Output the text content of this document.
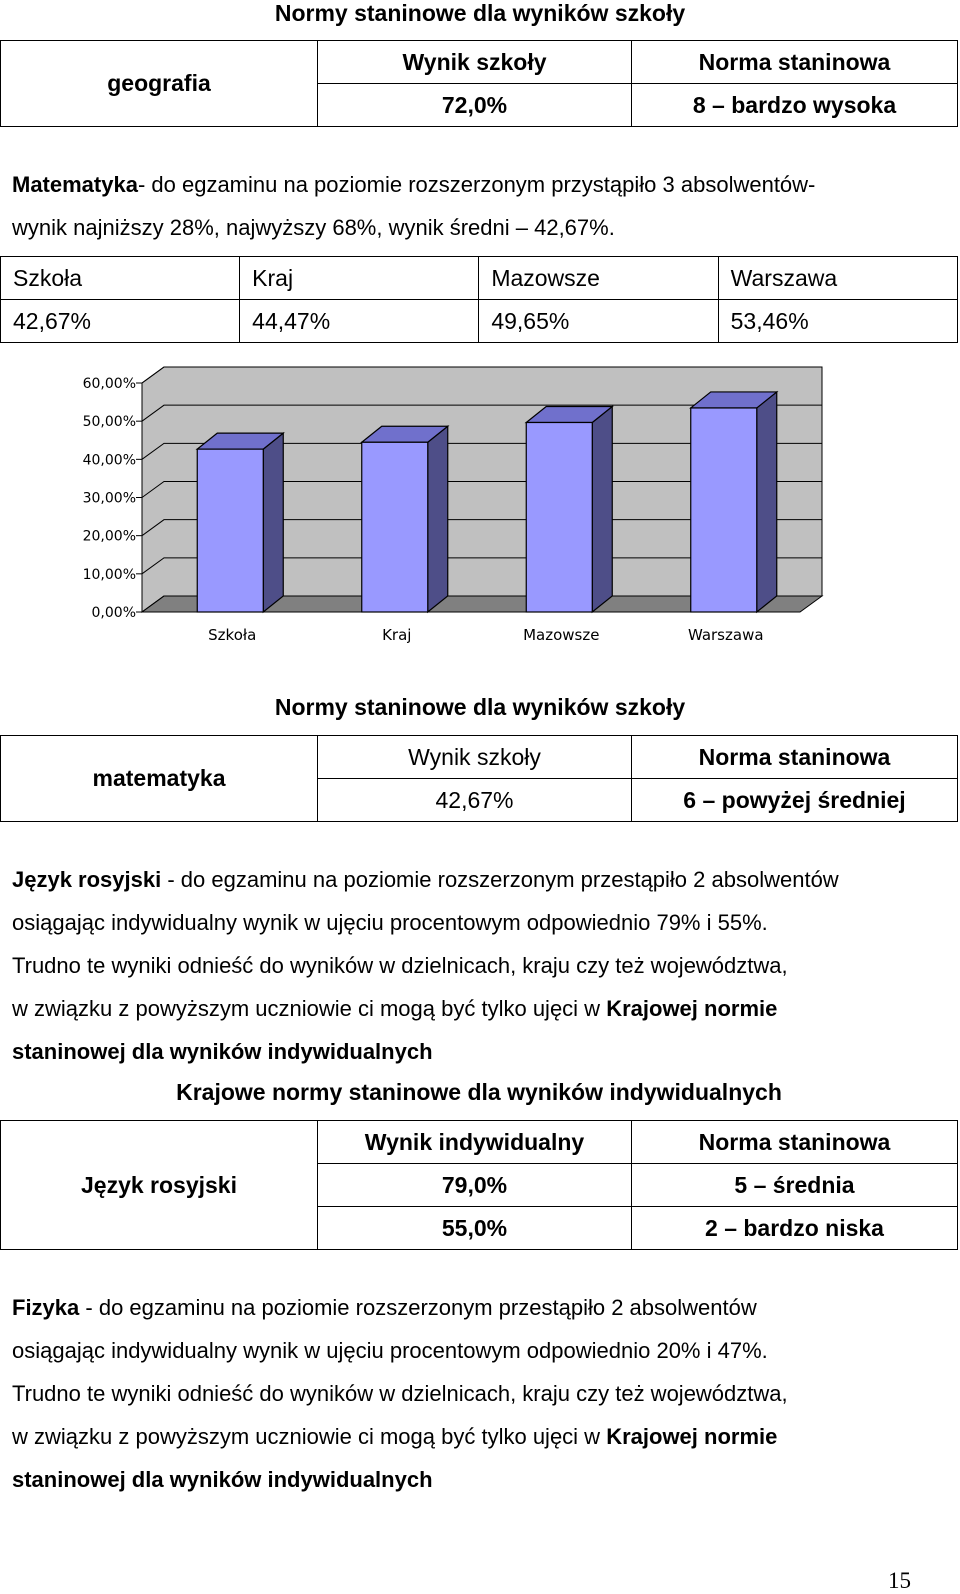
Normy staninowe dla wyników szkoły
geografia	Wynik szkoły	Norma staninowa
	72,0%	8 – bardzo wysoka
Matematyka- do egzaminu na poziomie rozszerzonym przystąpiło 3 absolwentów-
wynik najniższy 28%, najwyższy 68%, wynik średni – 42,67%.
Szkoła	Kraj	Mazowsze	Warszawa
42,67%	44,47%	49,65%	53,46%
0,00%
10,00%
20,00%
30,00%
40,00%
50,00%
60,00%
Szkoła	Kraj	Mazowsze	Warszawa
Normy staninowe dla wyników szkoły
matematyka	Wynik szkoły	Norma staninowa
	42,67%	6 – powyżej średniej
Język rosyjski - do egzaminu na poziomie rozszerzonym przestąpiło 2 absolwentów
osiągając indywidualny wynik w ujęciu procentowym odpowiednio 79% i 55%.
Trudno te wyniki odnieść do wyników w dzielnicach, kraju czy też województwa,
w związku z powyższym uczniowie ci mogą być tylko ujęci w Krajowej normie
staninowej dla wyników indywidualnych
Krajowe normy staninowe dla wyników indywidualnych
Język rosyjski	Wynik indywidualny	Norma staninowa
	79,0%	5 – średnia
	55,0%	2 – bardzo niska
Fizyka - do egzaminu na poziomie rozszerzonym przestąpiło 2 absolwentów
osiągając indywidualny wynik w ujęciu procentowym odpowiednio 20% i 47%.
Trudno te wyniki odnieść do wyników w dzielnicach, kraju czy też województwa,
w związku z powyższym uczniowie ci mogą być tylko ujęci w Krajowej normie
staninowej dla wyników indywidualnych
15
